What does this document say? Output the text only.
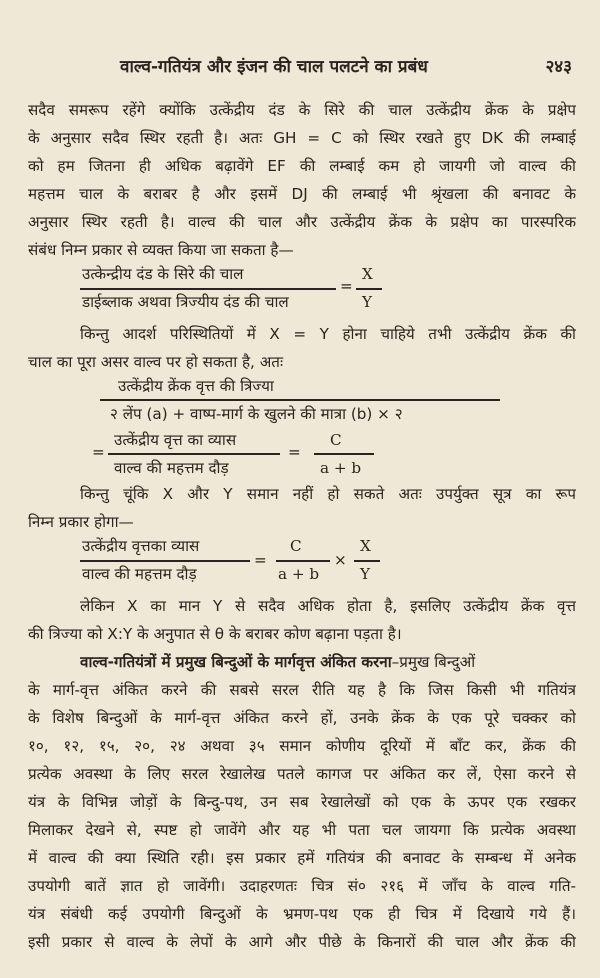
वाल्व-गतियंत्र और इंजन की चाल पलटने का प्रबंध	२४३
सदैव समरूप रहेंगे क्योंकि उत्केंद्रीय दंड के सिरे की चाल उत्केंद्रीय क्रेंक के प्रक्षेप
के अनुसार सदैव स्थिर रहती है। अतः GH = C को स्थिर रखते हुए DK की लम्बाई
को हम जितना ही अधिक बढ़ावेंगे EF की लम्बाई कम हो जायगी जो वाल्व की
महत्तम चाल के बराबर है और इसमें DJ की लम्बाई भी श्रृंखला की बनावट के
अनुसार स्थिर रहती है। वाल्व की चाल और उत्केंद्रीय क्रेंक के प्रक्षेप का पारस्परिक
संबंध निम्न प्रकार से व्यक्त किया जा सकता है—
उत्केन्द्रीय दंड के सिरे की चाल
डाईब्लाक अथवा त्रिज्यीय दंड की चाल
=
X
Y
किन्तु आदर्श परिस्थितियों में X = Y होना चाहिये तभी उत्केंद्रीय क्रेंक की
चाल का पूरा असर वाल्व पर हो सकता है, अतः
उत्केंद्रीय क्रेंक वृत्त की त्रिज्या
२ लेंप (a) + वाष्प-मार्ग के खुलने की मात्रा (b) × २
=
उत्केंद्रीय वृत्त का व्यास
वाल्व की महत्तम दौड़
=
C
a + b
किन्तु चूंकि X और Y समान नहीं हो सकते अतः उपर्युक्त सूत्र का रूप
निम्न प्रकार होगा—
उत्केंद्रीय वृत्तका व्यास
वाल्व की महत्तम दौड़
=
C
a + b
×
X
Y
लेकिन X का मान Y से सदैव अधिक होता है, इसलिए उत्केंद्रीय क्रेंक वृत्त
की त्रिज्या को X:Y के अनुपात से θ के बराबर कोण बढ़ाना पड़ता है।
वाल्व-गतियंत्रों में प्रमुख बिन्दुओं के मार्गवृत्त अंकित करना–प्रमुख बिन्दुओं
के मार्ग-वृत्त अंकित करने की सबसे सरल रीति यह है कि जिस किसी भी गतियंत्र
के विशेष बिन्दुओं के मार्ग-वृत्त अंकित करने हों, उनके क्रेंक के एक पूरे चक्कर को
१०, १२, १५, २०, २४ अथवा ३५ समान कोणीय दूरियों में बाँट कर, क्रेंक की
प्रत्येक अवस्था के लिए सरल रेखालेख पतले कागज पर अंकित कर लें, ऐसा करने से
यंत्र के विभिन्न जोड़ों के बिन्दु-पथ, उन सब रेखालेखों को एक के ऊपर एक रखकर
मिलाकर देखने से, स्पष्ट हो जावेंगे और यह भी पता चल जायगा कि प्रत्येक अवस्था
में वाल्व की क्या स्थिति रही। इस प्रकार हमें गतियंत्र की बनावट के सम्बन्ध में अनेक
उपयोगी बातें ज्ञात हो जावेंगी। उदाहरणतः चित्र सं० २१६ में जाँच के वाल्व गति-
यंत्र संबंधी कई उपयोगी बिन्दुओं के भ्रमण-पथ एक ही चित्र में दिखाये गये हैं।
इसी प्रकार से वाल्व के लेपों के आगे और पीछे के किनारों की चाल और क्रेंक की
